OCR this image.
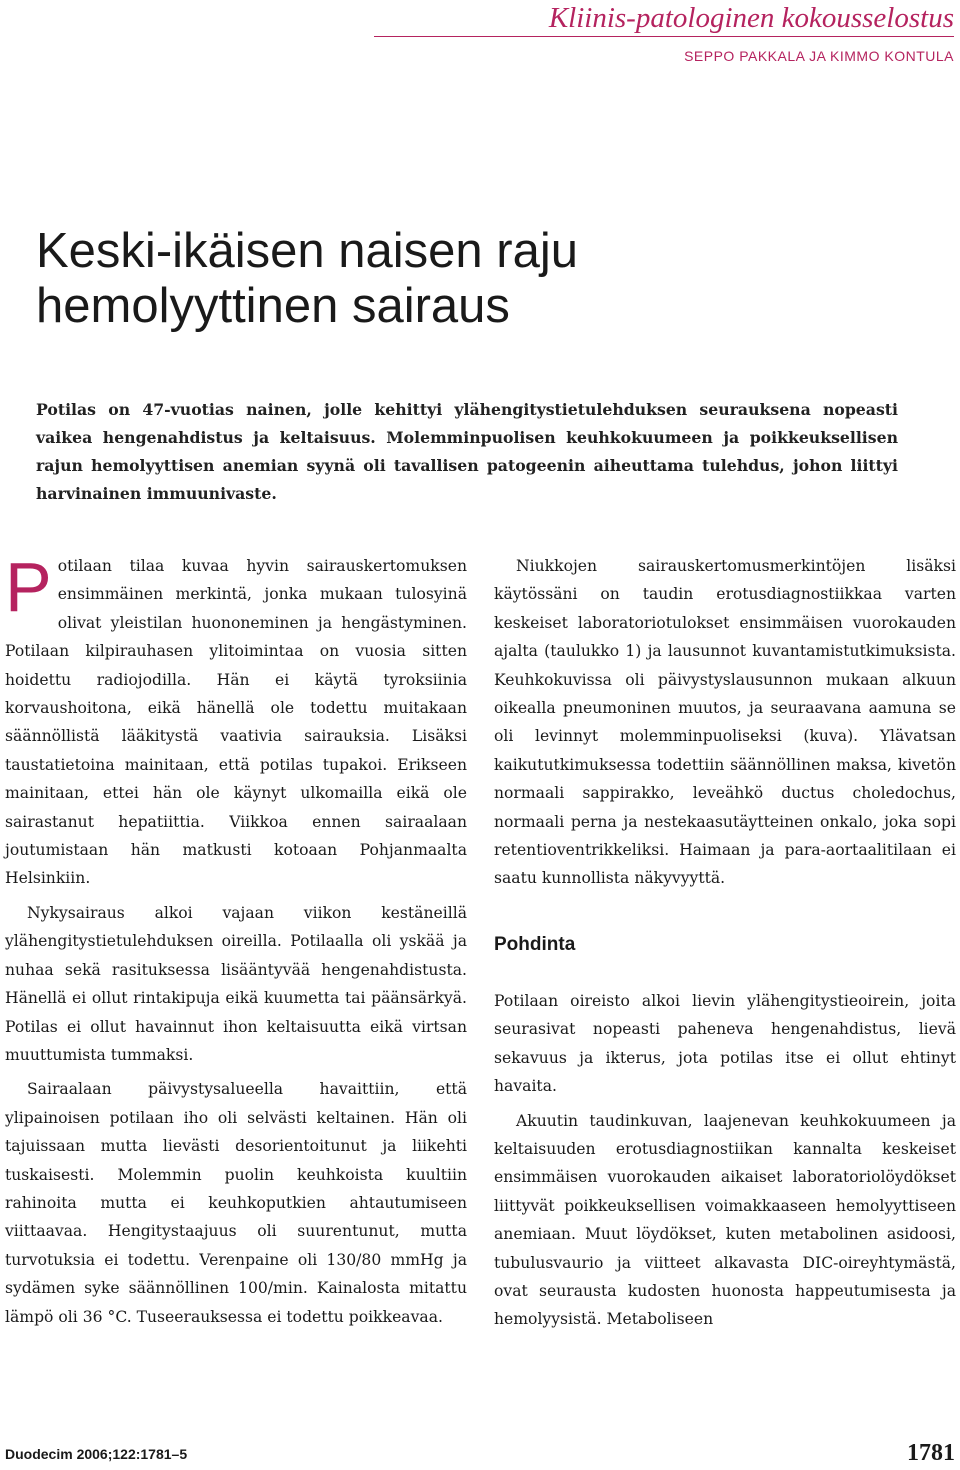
Kliinis-patologinen kokousselostus
SEPPO PAKKALA JA KIMMO KONTULA
Keski-ikäisen naisen raju
hemolyyttinen sairaus

Potilas on 47-vuotias nainen, jolle kehittyi ylähengitystietulehduksen seurauksena nopeasti vaikea hengenahdistus ja keltaisuus. Molemminpuolisen keuhkokuumeen ja poikkeuksellisen rajun hemolyyttisen anemian syynä oli tavallisen patogeenin aiheuttama tulehdus, johon liittyi harvinainen immuunivaste.

Potilaan tilaa kuvaa hyvin sairauskertomuksen ensimmäinen merkintä, jonka mukaan tulosyinä olivat yleistilan huononeminen ja hengästyminen. Potilaan kilpirauhasen ylitoimintaa on vuosia sitten hoidettu radiojodilla. Hän ei käytä tyroksiinia korvaushoitona, eikä hänellä ole todettu muitakaan säännöllistä lääkitystä vaativia sairauksia. Lisäksi taustatietoina mainitaan, että potilas tupakoi. Erikseen mainitaan, ettei hän ole käynyt ulkomailla eikä ole sairastanut hepatiittia. Viikkoa ennen sairaalaan joutumistaan hän matkusti kotoaan Pohjanmaalta Helsinkiin.

Nykysairaus alkoi vajaan viikon kestäneillä ylähengitystietulehduksen oireilla. Potilaalla oli yskää ja nuhaa sekä rasituksessa lisääntyvää hengenahdistusta. Hänellä ei ollut rintakipuja eikä kuumetta tai päänsärkyä. Potilas ei ollut havainnut ihon keltaisuutta eikä virtsan muuttumista tummaksi.

Sairaalaan päivystysalueella havaittiin, että ylipainoisen potilaan iho oli selvästi keltainen. Hän oli tajuissaan mutta lievästi desorientoitunut ja liikehti tuskaisesti. Molemmin puolin keuhkoista kuultiin rahinoita mutta ei keuhkoputkien ahtautumiseen viittaavaa. Hengitystaajuus oli suurentunut, mutta turvotuksia ei todettu. Verenpaine oli 130/80 mmHg ja sydämen syke säännöllinen 100/min. Kainalosta mitattu lämpö oli 36 °C. Tuseerauksessa ei todettu poikkeavaa.

Niukkojen sairauskertomusmerkintöjen lisäksi käytössäni on taudin erotusdiagnostiikkaa varten keskeiset laboratoriotulokset ensimmäisen vuorokauden ajalta (taulukko 1) ja lausunnot kuvantamistutkimuksista. Keuhkokuvissa oli päivystyslausunnon mukaan alkuun oikealla pneumoninen muutos, ja seuraavana aamuna se oli levinnyt molemminpuoliseksi (kuva). Ylävatsan kaikututkimuksessa todettiin säännöllinen maksa, kivetön normaali sappirakko, leveähkö ductus choledochus, normaali perna ja nestekaasutäytteinen onkalo, joka sopi retentioventrikkeliksi. Haimaan ja para-aortaalitilaan ei saatu kunnollista näkyvyyttä.

Pohdinta

Potilaan oireisto alkoi lievin ylähengitystieoirein, joita seurasivat nopeasti paheneva hengenahdistus, lievä sekavuus ja ikterus, jota potilas itse ei ollut ehtinyt havaita.

Akuutin taudinkuvan, laajenevan keuhkokuumeen ja keltaisuuden erotusdiagnostiikan kannalta keskeiset ensimmäisen vuorokauden aikaiset laboratoriolöydökset liittyvät poikkeuksellisen voimakkaaseen hemolyyttiseen anemiaan. Muut löydökset, kuten metabolinen asidoosi, tubulusvaurio ja viitteet alkavasta DIC-oireyhtymästä, ovat seurausta kudosten huonosta happeutumisesta ja hemolyysistä. Metaboliseen

Duodecim 2006;122:1781–5	1781
